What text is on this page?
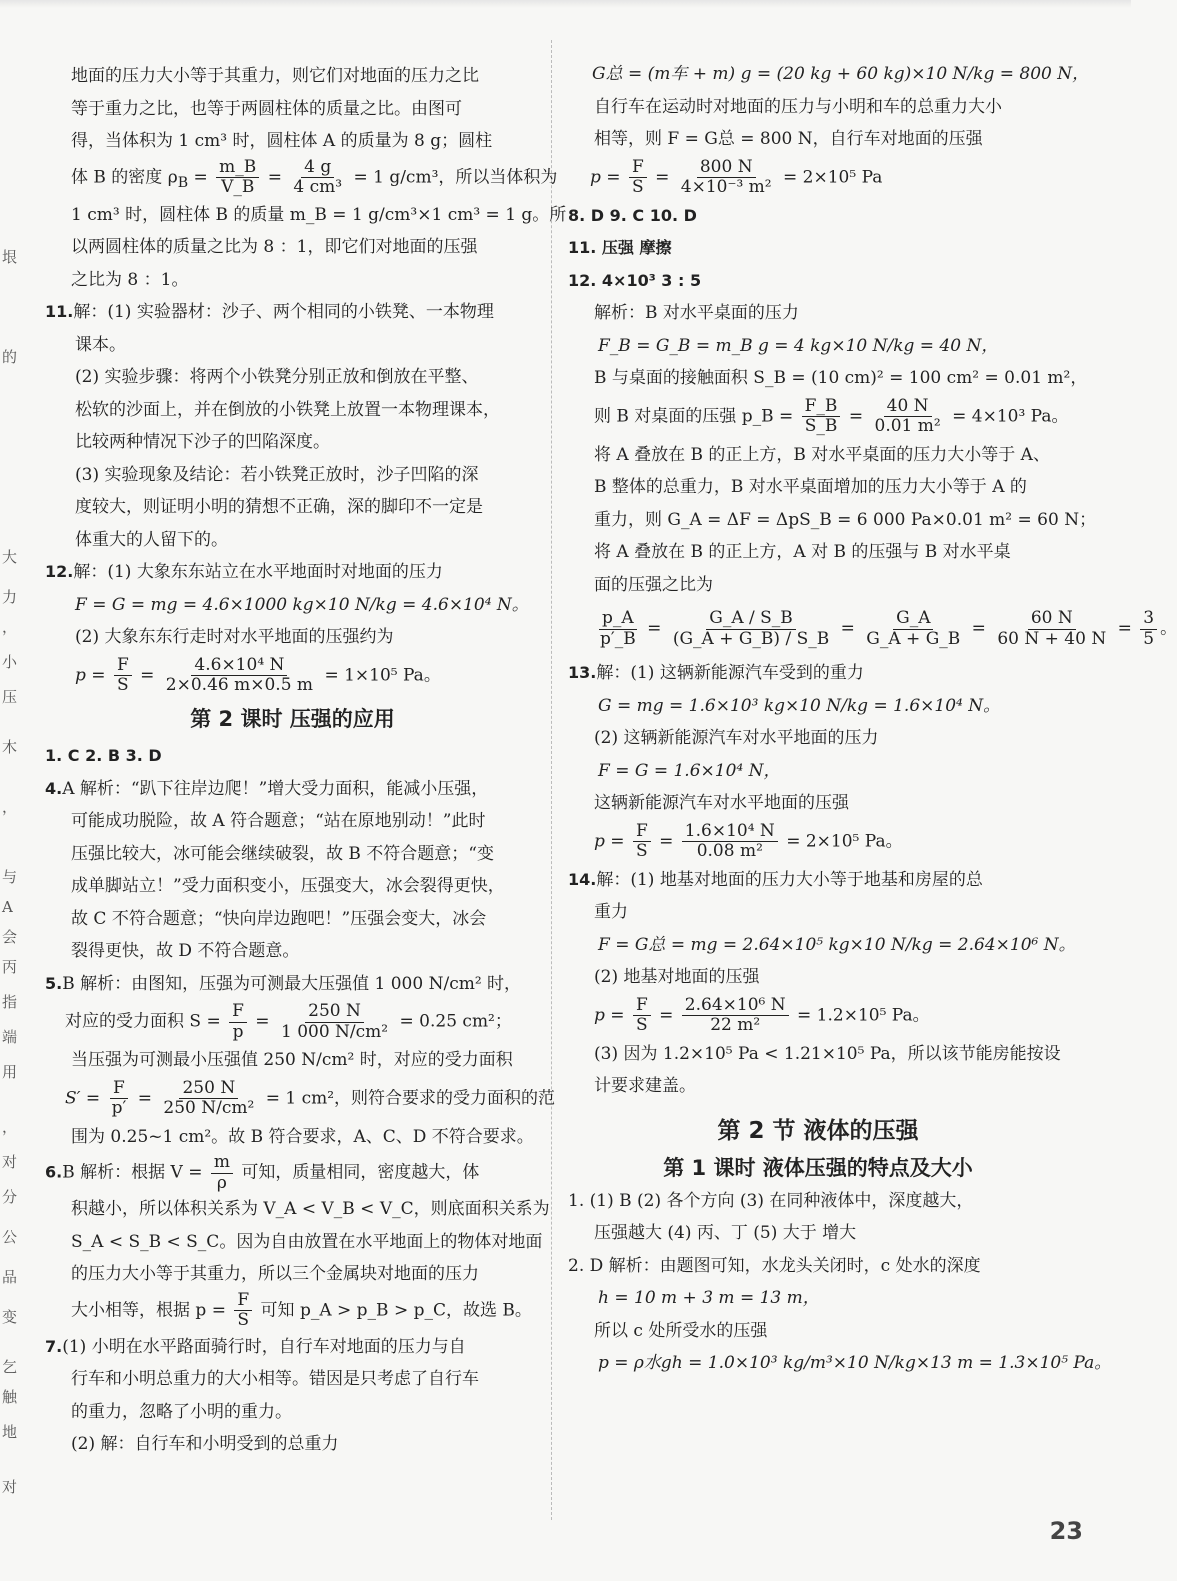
垠
的
大
力
，
小
压
木
，
与
A
会
丙
指
端
用
，
对
分
公
品
变
乞
触
地
对
地面的压力大小等于其重力，则它们对地面的压力之比
等于重力之比，也等于两圆柱体的质量之比。由图可
得，当体积为 1 cm³ 时，圆柱体 A 的质量为 8 g；圆柱
体 B 的密度 $\rho_B = \frac{m\_B}{V\_B} = \frac{4 g}{\text{4 cm³}} = 1$ g/cm³，所以当体积为
1 cm³ 时，圆柱体 B 的质量 m_B = 1 g/cm³×1 cm³ = 1 g。所
以两圆柱体的质量之比为 8 ：1，即它们对地面的压强
之比为 8 ：1。
11.解：(1) 实验器材：沙子、两个相同的小铁凳、一本物理
课本。
(2) 实验步骤：将两个小铁凳分别正放和倒放在平整、
松软的沙面上，并在倒放的小铁凳上放置一本物理课本，
比较两种情况下沙子的凹陷深度。
(3) 实验现象及结论：若小铁凳正放时，沙子凹陷的深
度较大，则证明小明的猜想不正确，深的脚印不一定是
体重大的人留下的。
12.解：(1) 大象东东站立在水平地面时对地面的压力
F = G = mg = 4.6×1000 kg×10 N/kg = 4.6×10⁴ N。
(2) 大象东东行走时对水平地面的压强约为
$p = \frac{F}{S} = \frac{\text{4.6×10⁴ N}}{2\times 0.46 m\times 0.5 m} = 1\times 10^5$ Pa。
第 2 课时 压强的应用
1. C 2. B 3. D
4.A 解析：“趴下往岸边爬！”增大受力面积，能减小压强，
可能成功脱险，故 A 符合题意；“站在原地别动！”此时
压强比较大，冰可能会继续破裂，故 B 不符合题意；“变
成单脚站立！”受力面积变小，压强变大，冰会裂得更快，
故 C 不符合题意；“快向岸边跑吧！”压强会变大，冰会
裂得更快，故 D 不符合题意。
5.B 解析：由图知，压强为可测最大压强值 1 000 N/cm² 时，
对应的受力面积 $S = \frac{F}{p} = \frac{250 N}{\text{1 000 N/cm²}} = 0.25$ cm²；
当压强为可测最小压强值 250 N/cm² 时，对应的受力面积
$S' = \frac{F}{p'} = \frac{250 N}{\text{250 N/cm²}} = 1$ cm²，则符合要求的受力面积的范
围为 0.25~1 cm²。故 B 符合要求，A、C、D 不符合要求。
6.B 解析：根据 $V = \frac{m}{\rho}$ 可知，质量相同，密度越大，体
积越小，所以体积关系为 V_A < V_B < V_C，则底面积关系为
S_A < S_B < S_C。因为自由放置在水平地面上的物体对地面
的压力大小等于其重力，所以三个金属块对地面的压力
大小相等，根据 $p = \frac{F}{S}$ 可知 p_A > p_B > p_C，故选 B。
7.(1) 小明在水平路面骑行时，自行车对地面的压力与自
行车和小明总重力的大小相等。错因是只考虑了自行车
的重力，忽略了小明的重力。
(2) 解：自行车和小明受到的总重力
G总 = (m车 + m) g = (20 kg + 60 kg)×10 N/kg = 800 N，
自行车在运动时对地面的压力与小明和车的总重力大小
相等，则 F = G总 = 800 N，自行车对地面的压强
$p = \frac{F}{S} = \frac{800 N}{\text{4×10⁻³ m²}} = 2\times 10^5$ Pa
8. D 9. C 10. D
11. 压强 摩擦
12. 4×10³ 3 : 5
解析：B 对水平桌面的压力
F_B = G_B = m_B g = 4 kg×10 N/kg = 40 N，
B 与桌面的接触面积 S_B = (10 cm)² = 100 cm² = 0.01 m²，
则 B 对桌面的压强 p_B = $\frac{F\_B}{S\_B} = \frac{40 N}{\text{0.01 m²}} = 4\times 10^3$ Pa。
将 A 叠放在 B 的正上方，B 对水平桌面的压力大小等于 A、
B 整体的总重力，B 对水平桌面增加的压力大小等于 A 的
重力，则 G_A = ΔF = ΔpS_B = 6 000 Pa×0.01 m² = 60 N；
将 A 叠放在 B 的正上方，A 对 B 的压强与 B 对水平桌
面的压强之比为
$\frac{p\_A}{p'\_B} = \frac{G\_A / S\_B}{(G\_A + G\_B) / S\_B} = \frac{G\_A}{G\_A + G\_B} = \frac{60 N}{60 N + 40 N} = \frac{3}{5}$ 。
13.解：(1) 这辆新能源汽车受到的重力
G = mg = 1.6×10³ kg×10 N/kg = 1.6×10⁴ N。
(2) 这辆新能源汽车对水平地面的压力
F = G = 1.6×10⁴ N，
这辆新能源汽车对水平地面的压强
$p = \frac{F}{S} = \frac{\text{1.6×10⁴ N}}{\text{0.08 m²}} = 2\times 10^5$ Pa。
14.解：(1) 地基对地面的压力大小等于地基和房屋的总
重力
F = G总 = mg = 2.64×10⁵ kg×10 N/kg = 2.64×10⁶ N。
(2) 地基对地面的压强
$p = \frac{F}{S} = \frac{\text{2.64×10⁶ N}}{\text{22 m²}} = 1.2\times 10^5$ Pa。
(3) 因为 1.2×10⁵ Pa < 1.21×10⁵ Pa，所以该节能房能按设
计要求建盖。
第 2 节 液体的压强
第 1 课时 液体压强的特点及大小
1. (1) B (2) 各个方向 (3) 在同种液体中，深度越大，
压强越大 (4) 丙、丁 (5) 大于 增大
2. D 解析：由题图可知，水龙头关闭时，c 处水的深度
h = 10 m + 3 m = 13 m，
所以 c 处所受水的压强
p = ρ水gh = 1.0×10³ kg/m³×10 N/kg×13 m = 1.3×10⁵ Pa。
23
